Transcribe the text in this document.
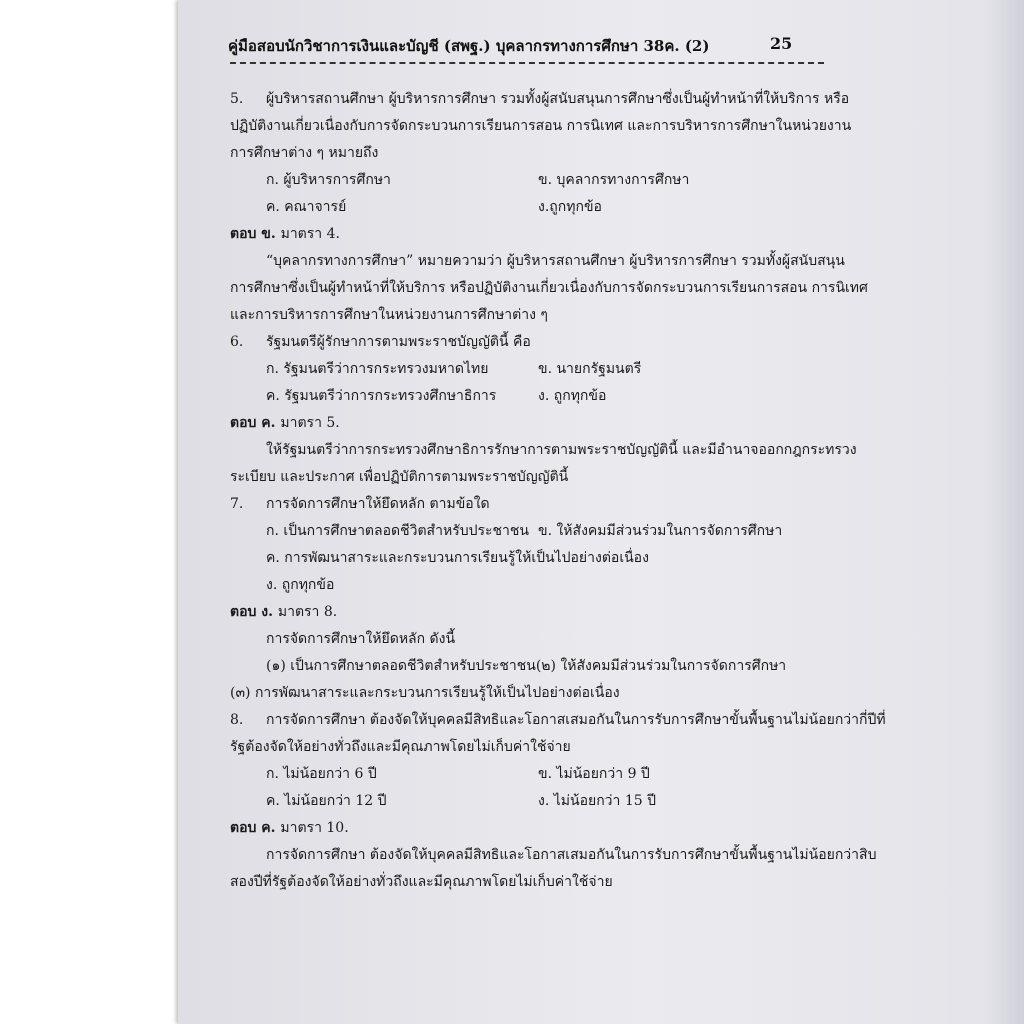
คู่มือสอบนักวิชาการเงินและบัญชี (สพฐ.) บุคลากรทางการศึกษา 38ค. (2)	25
5. ผู้บริหารสถานศึกษา ผู้บริหารการศึกษา รวมทั้งผู้สนับสนุนการศึกษาซึ่งเป็นผู้ทำหน้าที่ให้บริการ หรือ
ปฏิบัติงานเกี่ยวเนื่องกับการจัดกระบวนการเรียนการสอน การนิเทศ และการบริหารการศึกษาในหน่วยงาน
การศึกษาต่าง ๆ หมายถึง
ก. ผู้บริหารการศึกษา	ข. บุคลากรทางการศึกษา
ค. คณาจารย์	ง.ถูกทุกข้อ
ตอบ ข. มาตรา 4.
“บุคลากรทางการศึกษา” หมายความว่า ผู้บริหารสถานศึกษา ผู้บริหารการศึกษา รวมทั้งผู้สนับสนุน
การศึกษาซึ่งเป็นผู้ทำหน้าที่ให้บริการ หรือปฏิบัติงานเกี่ยวเนื่องกับการจัดกระบวนการเรียนการสอน การนิเทศ
และการบริหารการศึกษาในหน่วยงานการศึกษาต่าง ๆ
6. รัฐมนตรีผู้รักษาการตามพระราชบัญญัตินี้ คือ
ก. รัฐมนตรีว่าการกระทรวงมหาดไทย	ข. นายกรัฐมนตรี
ค. รัฐมนตรีว่าการกระทรวงศึกษาธิการ	ง. ถูกทุกข้อ
ตอบ ค. มาตรา 5.
ให้รัฐมนตรีว่าการกระทรวงศึกษาธิการรักษาการตามพระราชบัญญัตินี้ และมีอำนาจออกกฎกระทรวง
ระเบียบ และประกาศ เพื่อปฏิบัติการตามพระราชบัญญัตินี้
7. การจัดการศึกษาให้ยึดหลัก ตามข้อใด
ก. เป็นการศึกษาตลอดชีวิตสำหรับประชาชน ข. ให้สังคมมีส่วนร่วมในการจัดการศึกษา
ค. การพัฒนาสาระและกระบวนการเรียนรู้ให้เป็นไปอย่างต่อเนื่อง
ง. ถูกทุกข้อ
ตอบ ง. มาตรา 8.
การจัดการศึกษาให้ยึดหลัก ดังนี้
(๑) เป็นการศึกษาตลอดชีวิตสำหรับประชาชน(๒) ให้สังคมมีส่วนร่วมในการจัดการศึกษา
(๓) การพัฒนาสาระและกระบวนการเรียนรู้ให้เป็นไปอย่างต่อเนื่อง
8. การจัดการศึกษา ต้องจัดให้บุคคลมีสิทธิและโอกาสเสมอกันในการรับการศึกษาขั้นพื้นฐานไม่น้อยกว่ากี่ปีที่
รัฐต้องจัดให้อย่างทั่วถึงและมีคุณภาพโดยไม่เก็บค่าใช้จ่าย
ก. ไม่น้อยกว่า 6 ปี	ข. ไม่น้อยกว่า 9 ปี
ค. ไม่น้อยกว่า 12 ปี	ง. ไม่น้อยกว่า 15 ปี
ตอบ ค. มาตรา 10.
การจัดการศึกษา ต้องจัดให้บุคคลมีสิทธิและโอกาสเสมอกันในการรับการศึกษาขั้นพื้นฐานไม่น้อยกว่าสิบ
สองปีที่รัฐต้องจัดให้อย่างทั่วถึงและมีคุณภาพโดยไม่เก็บค่าใช้จ่าย
